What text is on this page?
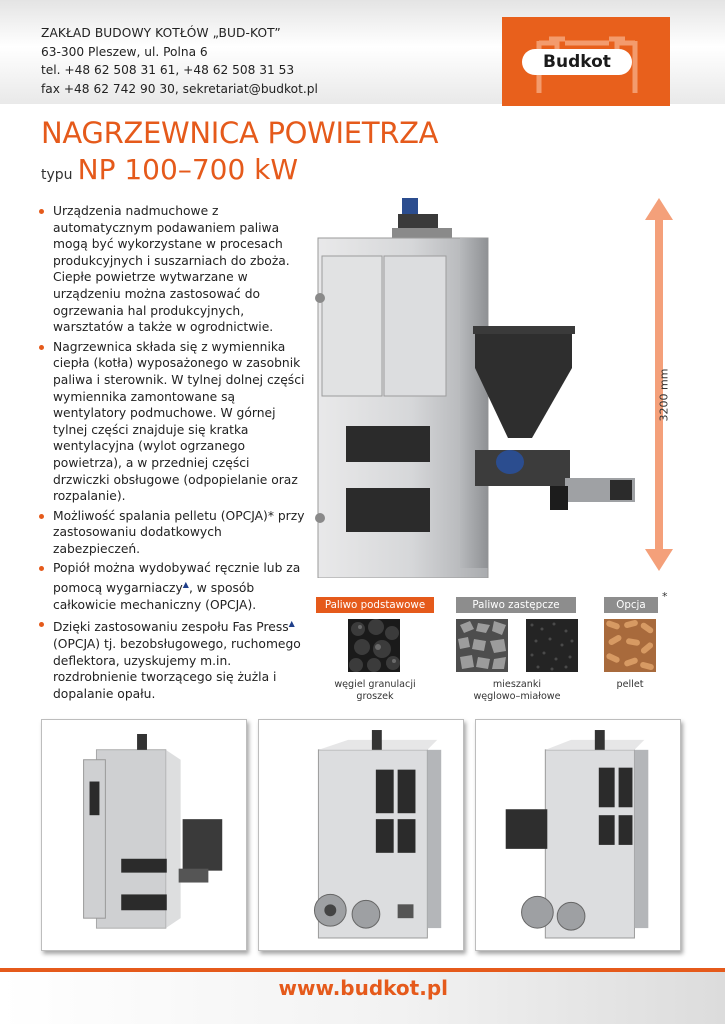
ZAKŁAD BUDOWY KOTŁÓW „BUD-KOT”
63-300 Pleszew, ul. Polna 6
tel. +48 62 508 31 61, +48 62 508 31 53
fax +48 62 742 90 30, sekretariat@budkot.pl
Budkot
NAGRZEWNICA POWIETRZA
typu NP 100–700 kW
Urządzenia nadmuchowe z automatycznym podawaniem paliwa mogą być wykorzystane w procesach produkcyjnych i suszarniach do zboża. Ciepłe powietrze wytwarzane w urządzeniu można zastosować do ogrzewania hal produkcyjnych, warsztatów a także w ogrodnictwie.
Nagrzewnica składa się z wymiennika ciepła (kotła) wyposażonego w zasobnik paliwa i sterownik. W tylnej dolnej części wymiennika zamontowane są wentylatory podmuchowe. W górnej tylnej części znajduje się kratka wentylacyjna (wylot ogrzanego powietrza), a w przedniej części drzwiczki obsługowe (odpopielanie oraz rozpalanie).
Możliwość spalania pelletu (OPCJA)* przy zastosowaniu dodatkowych zabezpieczeń.
Popiół można wydobywać ręcznie lub za pomocą wygarniaczy▲, w sposób całkowicie mechaniczny (OPCJA).
Dzięki zastosowaniu zespołu Fas Press▲ (OPCJA) tj. bezobsługowego, ruchomego deflektora, uzyskujemy m.in. rozdrobnienie tworzącego się żużla i dopalanie opału.
3200 mm
Paliwo podstawowe	Paliwo zastępcze	Opcja
*
węgiel granulacji
groszek
mieszanki
węglowo–miałowe
pellet
www.budkot.pl
